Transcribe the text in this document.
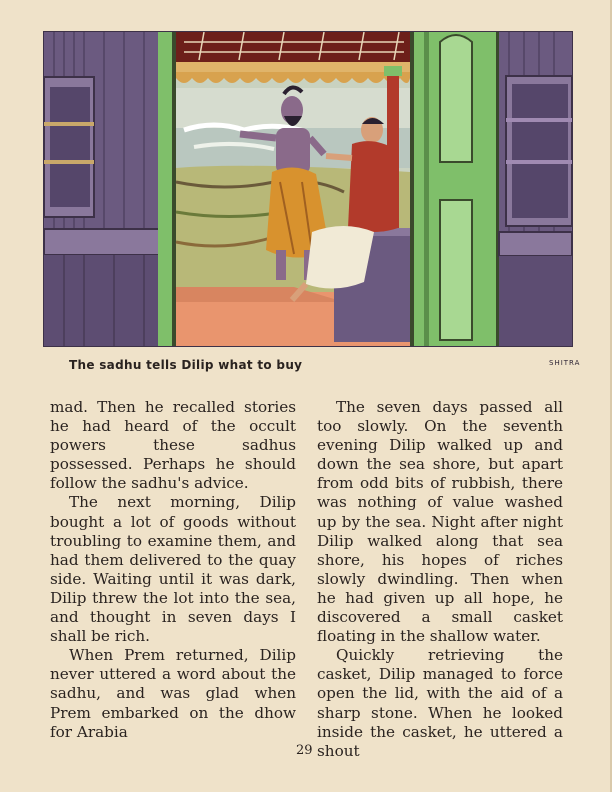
SHITRA
The sadhu tells Dilip what to buy

mad. Then he recalled stories he had heard of the occult powers these sadhus possessed. Perhaps he should follow the sadhu's advice.

The next morning, Dilip bought a lot of goods without troubling to examine them, and had them delivered to the quay side. Waiting until it was dark, Dilip threw the lot into the sea, and thought in seven days I shall be rich.

When Prem returned, Dilip never uttered a word about the sadhu, and was glad when Prem embarked on the dhow for Arabia

The seven days passed all too slowly. On the seventh evening Dilip walked up and down the sea shore, but apart from odd bits of rubbish, there was nothing of value washed up by the sea. Night after night Dilip walked along that sea shore, his hopes of riches slowly dwindling. Then when he had given up all hope, he discovered a small casket floating in the shallow water.

Quickly retrieving the casket, Dilip managed to force open the lid, with the aid of a sharp stone. When he looked inside the casket, he uttered a shout

29
